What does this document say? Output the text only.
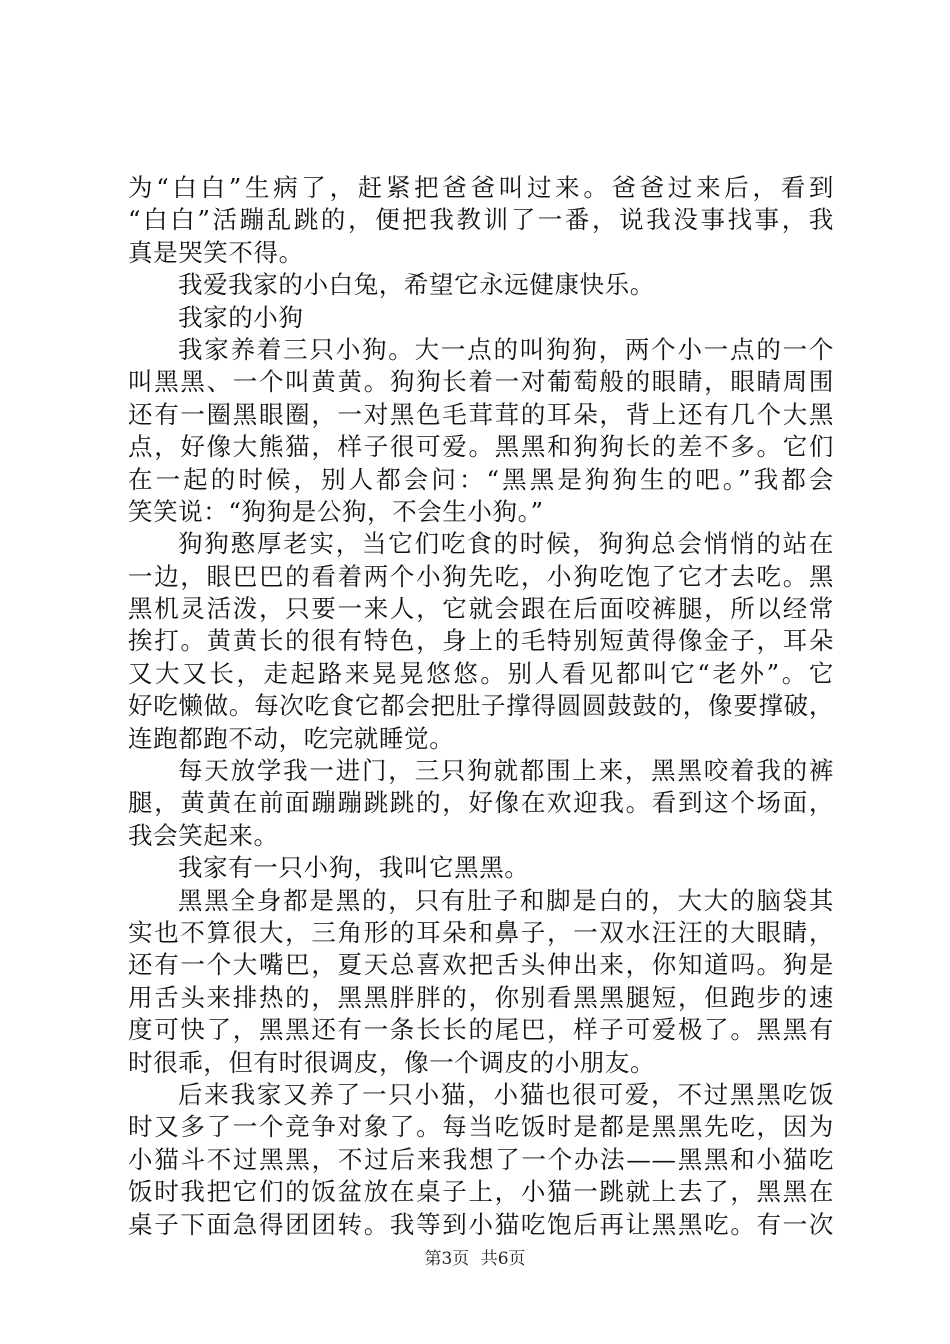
为“白白”生病了，赶紧把爸爸叫过来。爸爸过来后，看到
“白白”活蹦乱跳的，便把我教训了一番，说我没事找事，我
真是哭笑不得。
我爱我家的小白兔，希望它永远健康快乐。
我家的小狗
我家养着三只小狗。大一点的叫狗狗，两个小一点的一个
叫黑黑、一个叫黄黄。狗狗长着一对葡萄般的眼睛，眼睛周围
还有一圈黑眼圈，一对黑色毛茸茸的耳朵，背上还有几个大黑
点，好像大熊猫，样子很可爱。黑黑和狗狗长的差不多。它们
在一起的时候，别人都会问：“黑黑是狗狗生的吧。”我都会
笑笑说：“狗狗是公狗，不会生小狗。”
狗狗憨厚老实，当它们吃食的时候，狗狗总会悄悄的站在
一边，眼巴巴的看着两个小狗先吃，小狗吃饱了它才去吃。黑
黑机灵活泼，只要一来人，它就会跟在后面咬裤腿，所以经常
挨打。黄黄长的很有特色，身上的毛特别短黄得像金子，耳朵
又大又长，走起路来晃晃悠悠。别人看见都叫它“老外”。它
好吃懒做。每次吃食它都会把肚子撑得圆圆鼓鼓的，像要撑破，
连跑都跑不动，吃完就睡觉。
每天放学我一进门，三只狗就都围上来，黑黑咬着我的裤
腿，黄黄在前面蹦蹦跳跳的，好像在欢迎我。看到这个场面，
我会笑起来。
我家有一只小狗，我叫它黑黑。
黑黑全身都是黑的，只有肚子和脚是白的，大大的脑袋其
实也不算很大，三角形的耳朵和鼻子，一双水汪汪的大眼睛，
还有一个大嘴巴，夏天总喜欢把舌头伸出来，你知道吗。狗是
用舌头来排热的，黑黑胖胖的，你别看黑黑腿短，但跑步的速
度可快了，黑黑还有一条长长的尾巴，样子可爱极了。黑黑有
时很乖，但有时很调皮，像一个调皮的小朋友。
后来我家又养了一只小猫，小猫也很可爱，不过黑黑吃饭
时又多了一个竞争对象了。每当吃饭时是都是黑黑先吃，因为
小猫斗不过黑黑，不过后来我想了一个办法——黑黑和小猫吃
饭时我把它们的饭盆放在桌子上，小猫一跳就上去了，黑黑在
桌子下面急得团团转。我等到小猫吃饱后再让黑黑吃。有一次
第3页 共6页
